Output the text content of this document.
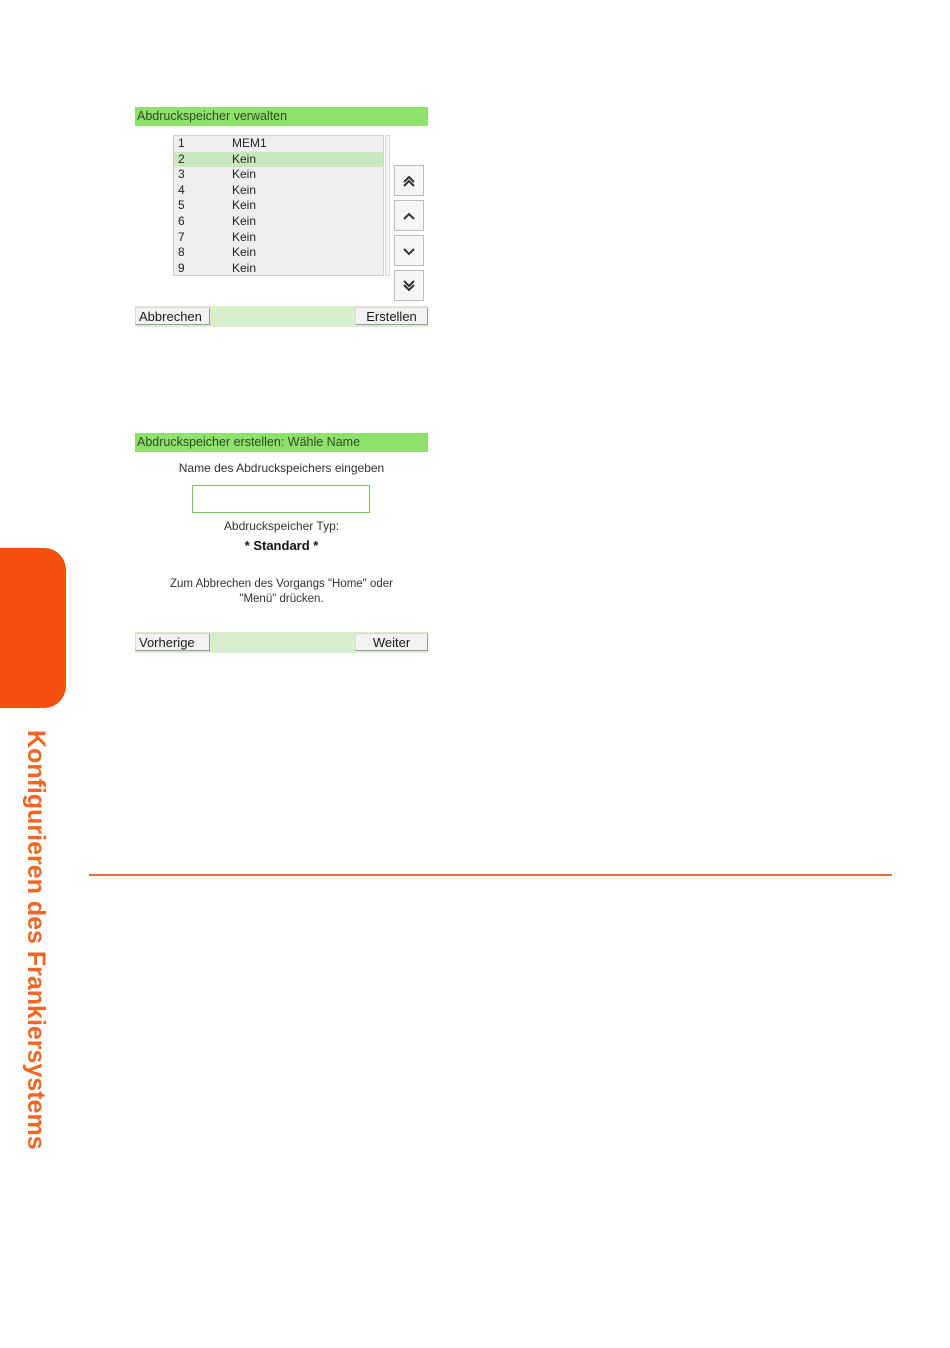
Abdruckspeicher verwalten
1	MEM1
2	Kein
3	Kein
4	Kein
5	Kein
6	Kein
7	Kein
8	Kein
9	Kein
Abbrechen	Erstellen
Abdruckspeicher erstellen: Wähle Name
Name des Abdruckspeichers eingeben
Abdruckspeicher Typ:
* Standard *
Zum Abbrechen des Vorgangs "Home" oder
"Menü" drücken.
Vorherige	Weiter
Konfigurieren des Frankiersystems
